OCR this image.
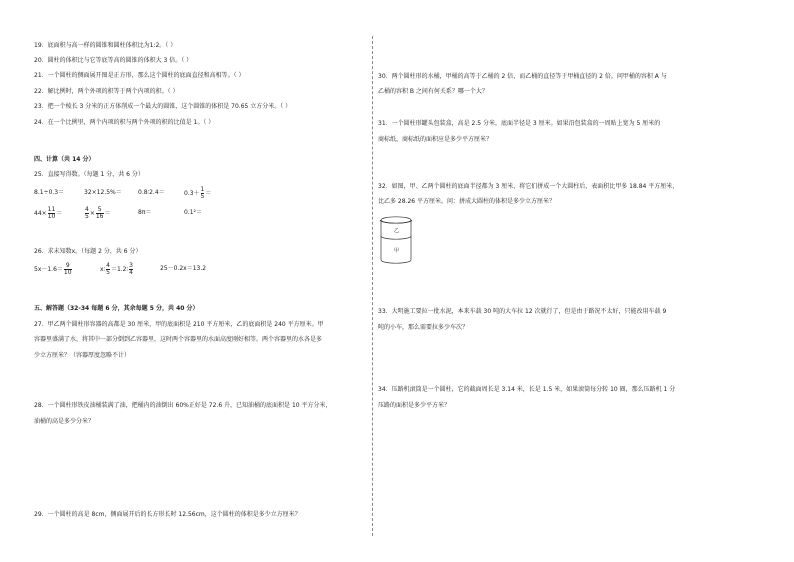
19．底面积与高一样的圆锥和圆柱体积比为1:2。（ ）
20．圆柱的体积比与它等底等高的圆锥的体积大 3 倍。（ ）
21．一个圆柱的侧面展开图是正方形，那么这个圆柱的底面直径和高相等。（ ）
22．解比例时，两个外项的积等于两个内项的积。（ ）
23．把一个棱长 3 分米的正方体削成一个最大的圆锥，这个圆锥的体积是 70.65 立方分米。（ ）
24．在一个比例里，两个内项的积与两个外项的积的比值是 1。（ ）
四、计算（共 14 分）
25．直接写得数。（每题 1 分，共 6 分）
8.1÷0.3＝	32×12.5%＝	0.8∶2.4＝	$0.3+ \frac{1}{5}$ ＝
$44\times \frac{11}{10}$ ＝	$\frac{4}{5} \times \frac{5}{16}$ ＝	8π＝	0.1²＝
26．求未知数x。（每题 2 分，共 6 分）
$5x-1.6= \frac{9}{10}$	x∶ $\frac{4}{5}$ ＝1.2∶ $\frac{3}{4}$	25－0.2x＝13.2
五、解答题（32-34 每题 6 分，其余每题 5 分，共 40 分）
27．甲乙两个圆柱形容器的高都是 30 厘米，甲的底面积是 210 平方厘米，乙的底面积是 240 平方厘米。甲
容器里盛满了水，将其中一部分倒到乙容器里，这时两个容器里的水面高度刚好相等。两个容器里的水各是多
少立方厘米？（容器厚度忽略不计）
28．一个圆柱形铁皮油桶装满了油，把桶内的油倒出 60%正好是 72.6 升，已知油桶的底面积是 10 平方分米，
油桶的高是多少分米？
29．一个圆柱的高是 8cm，侧面展开后的长方形长时 12.56cm，这个圆柱的体积是多少立方厘米？
30．两个圆柱形的水桶，甲桶的高等于乙桶的 2 倍，而乙桶的直径等于甲桶直径的 2 倍。问甲桶的容积 A 与
乙桶的容积 B 之间有何关系？哪一个大？
31．一个圆柱形罐头包装盒，高是 2.5 分米，底面半径是 3 厘米。如果沿包装盒的一周贴上宽为 5 厘米的
商标纸，商标纸的面积应是多少平方厘米？
32．如图，甲、乙两个圆柱的底面半径都为 3 厘米，将它们拼成一个大圆柱后，表面积比甲多 18.84 平方厘米，
比乙多 28.26 平方厘米。问：拼成大圆柱的体积是多少立方厘米？
乙
甲
33．大明施工要拉一批水泥，本来车载 30 吨的大车拉 12 次就行了，但是由于路况不太好，只能改用车载 9
吨的小车，那么需要拉多少车次？
34．压路机滚筒是一个圆柱，它的截面周长是 3.14 米，长是 1.5 米，如果滚筒每分转 10 圈，那么压路机 1 分
压路的面积是多少平方米？
